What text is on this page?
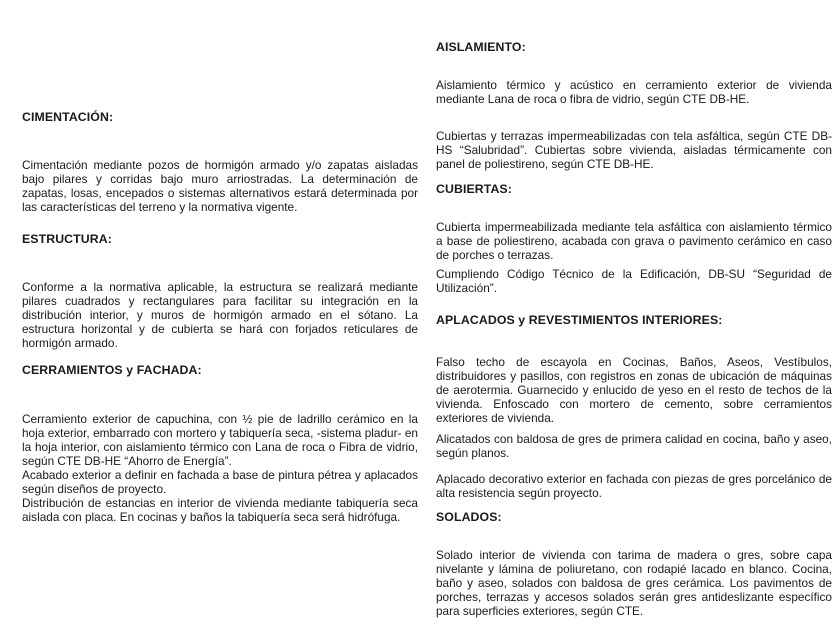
CIMENTACIÓN:
Cimentación mediante pozos de hormigón armado y/o zapatas aisladas bajo pilares y corridas bajo muro arriostradas. La determinación de zapatas, losas, encepados o sistemas alternativos estará determinada por las características del terreno y la normativa vigente.
ESTRUCTURA:
Conforme a la normativa aplicable, la estructura se realizará mediante pilares cuadrados y rectangulares para facilitar su integración en la distribución interior, y muros de hormigón armado en el sótano. La estructura horizontal y de cubierta se hará con forjados reticulares de hormigón armado.
CERRAMIENTOS y FACHADA:
Cerramiento exterior de capuchina, con ½ pie de ladrillo cerámico en la hoja exterior, embarrado con mortero y tabiquería seca, -sistema pladur- en la hoja interior, con aislamiento térmico con Lana de roca o Fibra de vidrio, según CTE DB-HE “Ahorro de Energía”.
Acabado exterior a definir en fachada a base de pintura pétrea y aplacados según diseños de proyecto.
Distribución de estancias en interior de vivienda mediante tabiquería seca aislada con placa. En cocinas y baños la tabiquería seca será hidrófuga.
AISLAMIENTO:
Aislamiento térmico y acústico en cerramiento exterior de vivienda mediante Lana de roca o fibra de vidrio, según CTE DB-HE.
Cubiertas y terrazas impermeabilizadas con tela asfáltica, según CTE DB-HS “Salubridad”. Cubiertas sobre vivienda, aisladas térmicamente con panel de poliestireno, según CTE DB-HE.
CUBIERTAS:
Cubierta impermeabilizada mediante tela asfáltica con aislamiento térmico a base de poliestireno, acabada con grava o pavimento cerámico en caso de porches o terrazas.
Cumpliendo Código Técnico de la Edificación, DB-SU “Seguridad de Utilización”.
APLACADOS y REVESTIMIENTOS INTERIORES:
Falso techo de escayola en Cocinas, Baños, Aseos, Vestíbulos, distribuidores y pasillos, con registros en zonas de ubicación de máquinas de aerotermia. Guarnecido y enlucido de yeso en el resto de techos de la vivienda. Enfoscado con mortero de cemento, sobre cerramientos exteriores de vivienda.
Alicatados con baldosa de gres de primera calidad en cocina, baño y aseo, según planos.
Aplacado decorativo exterior en fachada con piezas de gres porcelánico de alta resistencia según proyecto.
SOLADOS:
Solado interior de vivienda con tarima de madera o gres, sobre capa nivelante y lámina de poliuretano, con rodapié lacado en blanco. Cocina, baño y aseo, solados con baldosa de gres cerámica. Los pavimentos de porches, terrazas y accesos solados serán gres antideslizante específico para superficies exteriores, según CTE.
